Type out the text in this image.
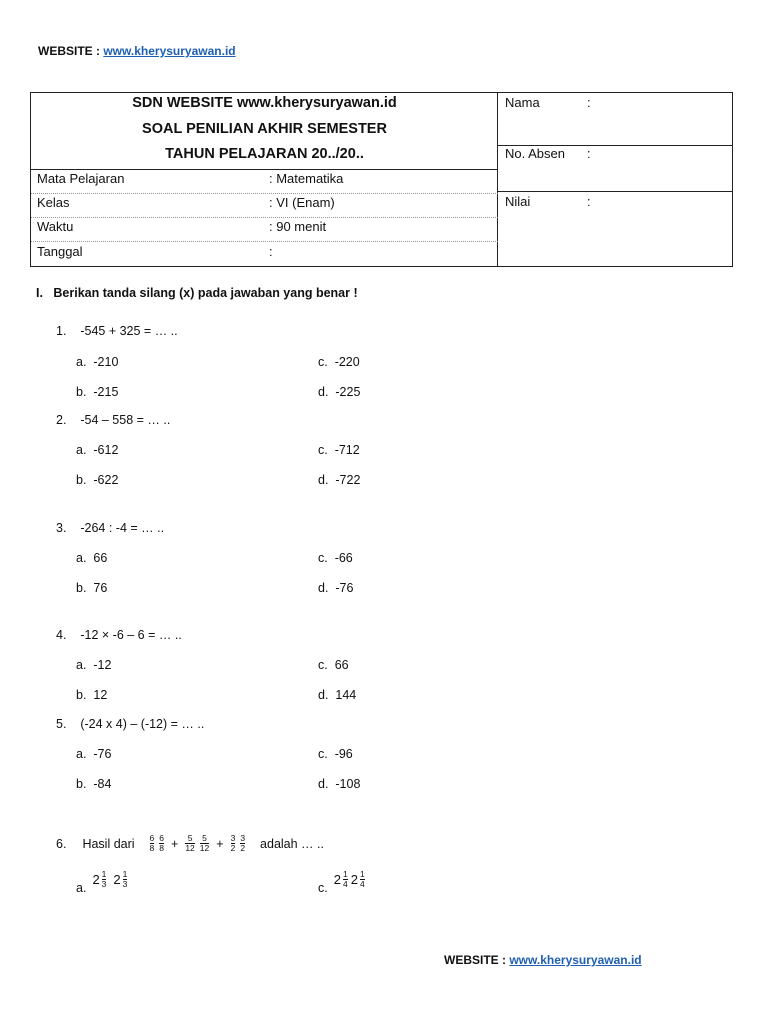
WEBSITE : www.kherysuryawan.id
SDN WEBSITE www.kherysuryawan.id
SOAL PENILIAN AKHIR SEMESTER
TAHUN PELAJARAN 20../20..
Mata Pelajaran	: Matematika
Kelas	: VI (Enam)
Waktu	: 90 menit
Tanggal	:
Nama	:
No. Absen :
Nilai	:
I. Berikan tanda silang (x) pada jawaban yang benar !
1. -545 + 325 = … ..
a. -210
b. -215
c. -220
d. -225
2. -54 – 558 = … ..
a. -612
b. -622
c. -712
d. -722
3. -264 : -4 = … ..
a. 66
b. 76
c. -66
d. -76
4. -12 × -6 – 6 = … ..
a. -12
b. 12
c. 66
d. 144
5. (-24 x 4) – (-12) = … ..
a. -76
b. -84
c. -96
d. -108
6. Hasil dari $\frac{6}{8} \frac{6}{8} + \frac{5}{12} \frac{5}{12} + \frac{3}{2} \frac{3}{2}$ adalah … ..
a.
$2 \frac{1}{3} 2 \frac{1}{3}$	c.
$2 \frac{1}{4} 2 \frac{1}{4}$
WEBSITE : www.kherysuryawan.id
